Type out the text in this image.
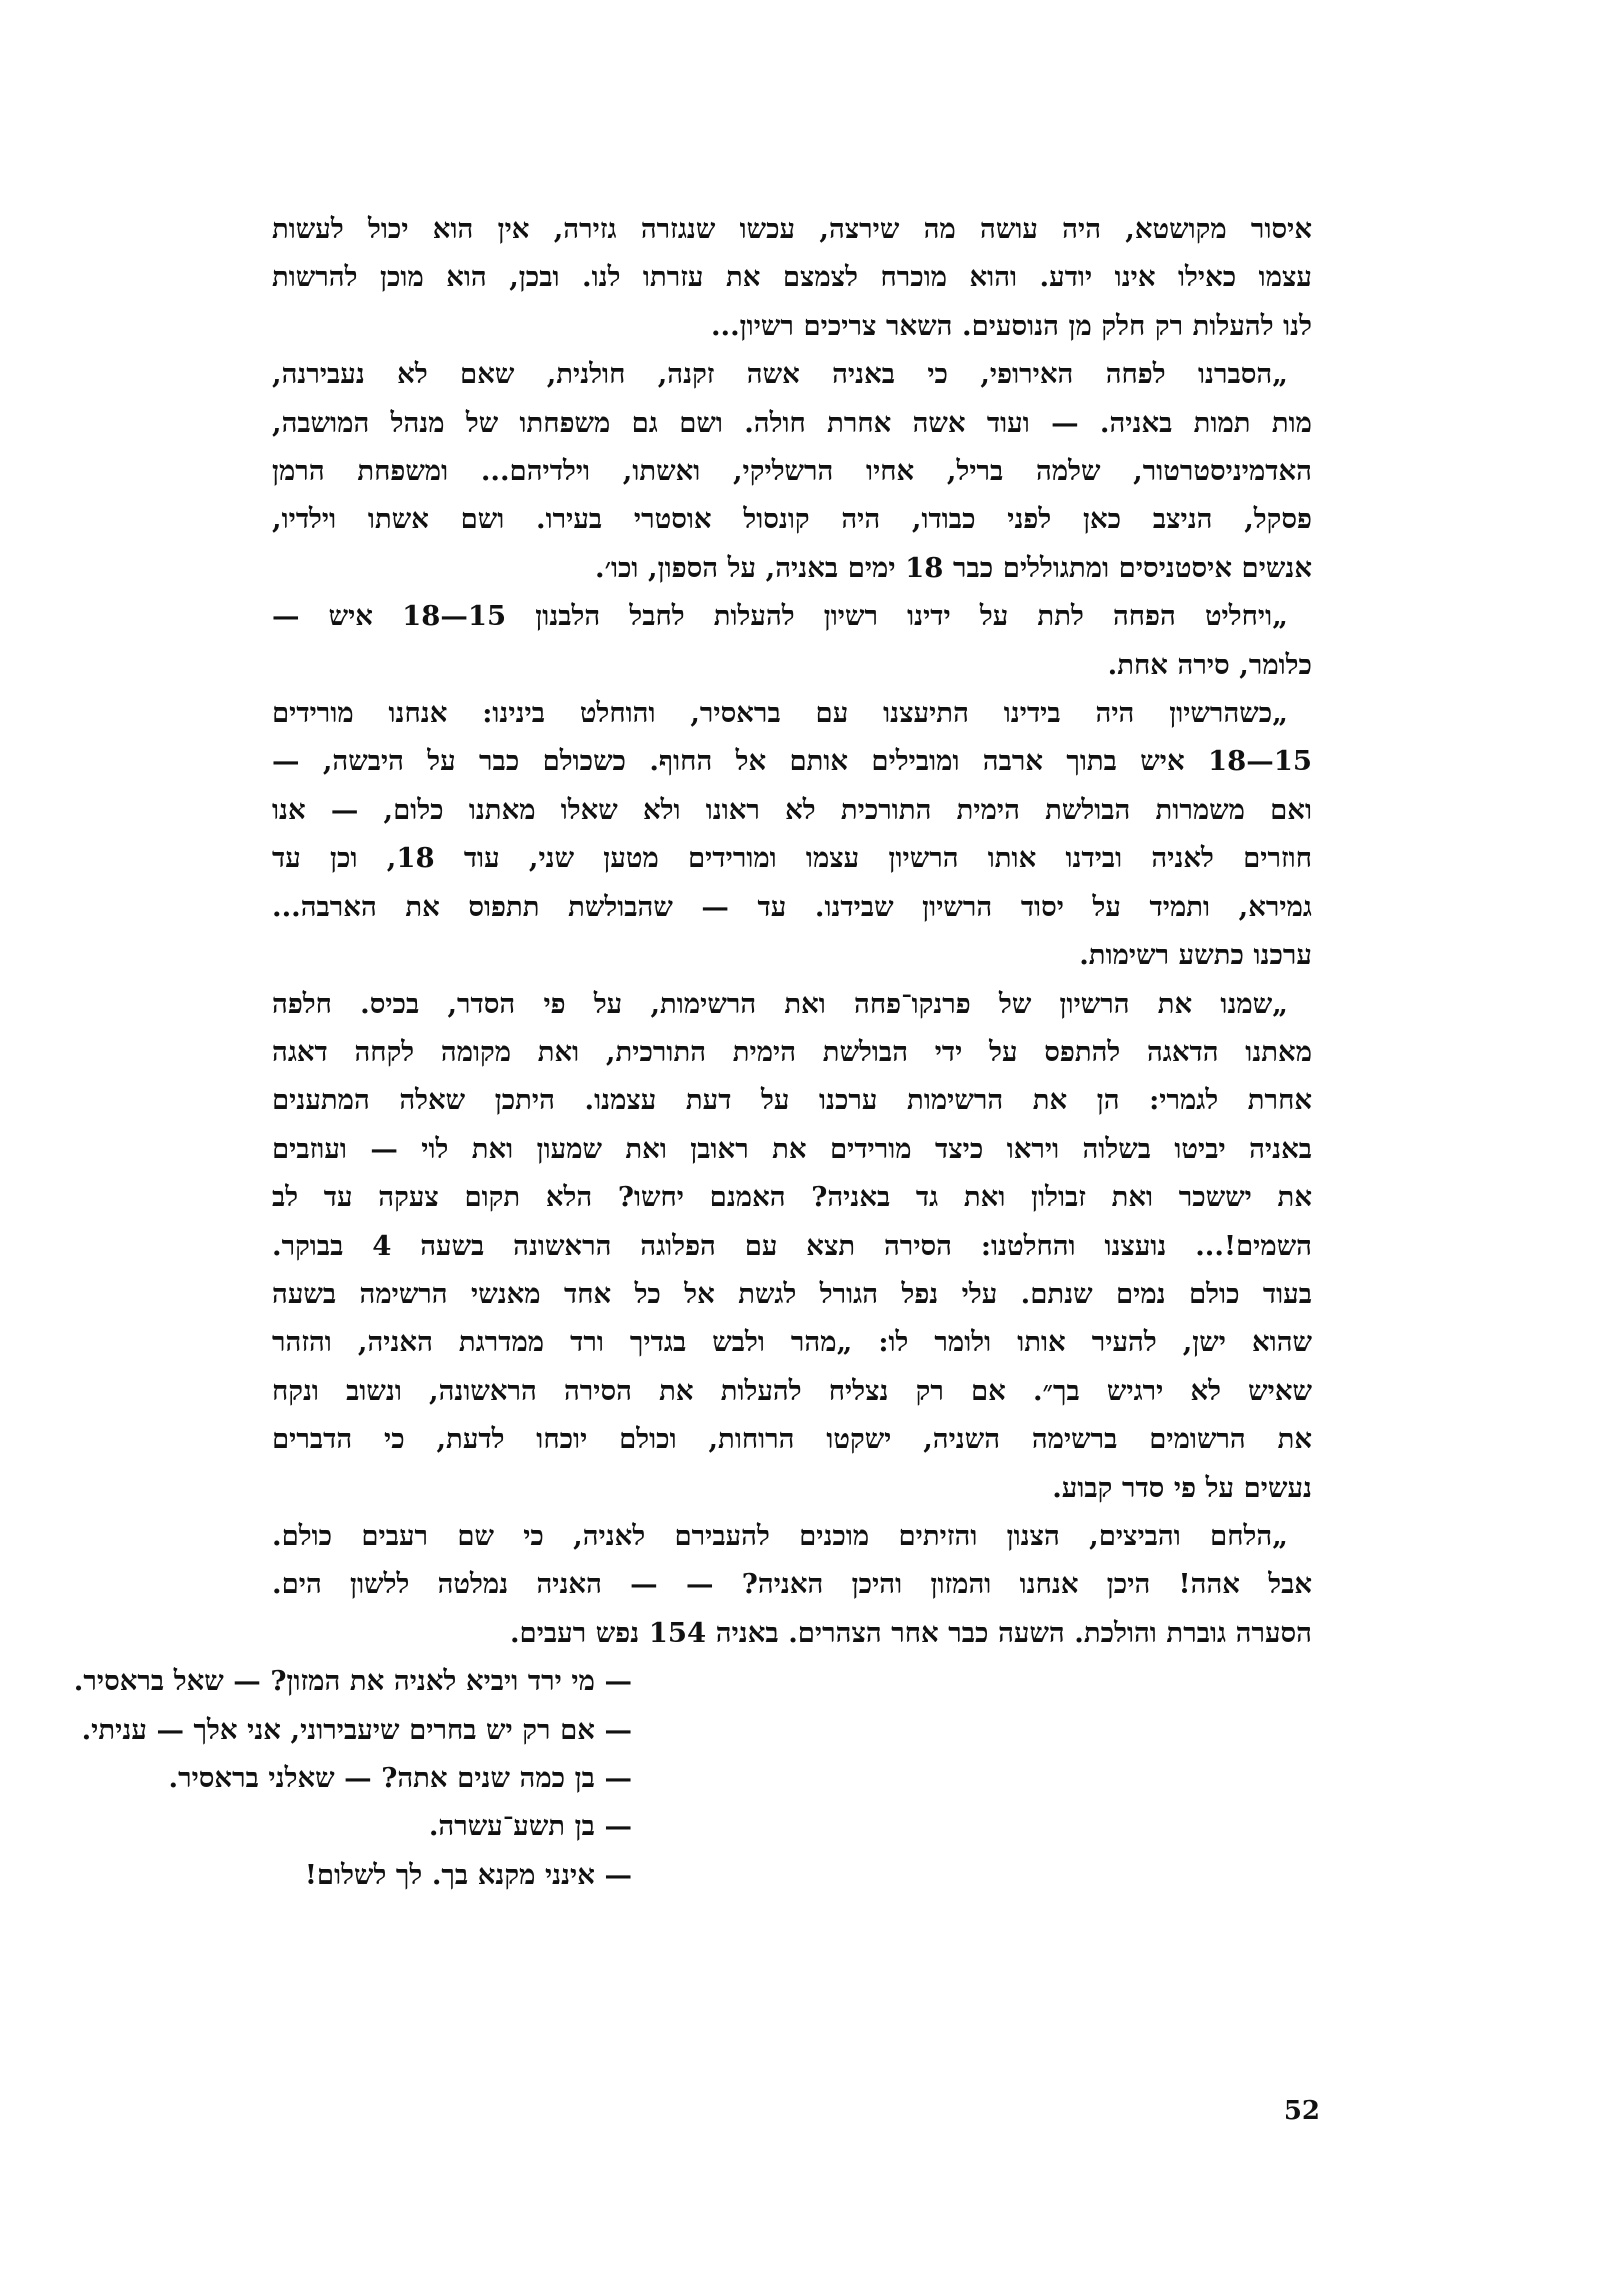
איסור מקושטא, היה עושה מה שירצה, עכשו שנגזרה גזירה, אין הוא יכול לעשות
עצמו כאילו אינו יודע. והוא מוכרח לצמצם את עזרתו לנו. ובכן, הוא מוכן להרשות
לנו להעלות רק חלק מן הנוסעים. השאר צריכים רשיון...
„הסברנו לפחה האירופי, כי באניה אשה זקנה, חולנית, שאם לא נעבירנה,
מות תמות באניה. — ועוד אשה אחרת חולה. ושם גם משפחתו של מנהל המושבה,
האדמיניסטרטור, שלמה בריל, אחיו הרשליקי, ואשתו, וילדיהם... ומשפחת הרמן
פסקל, הניצב כאן לפני כבודו, היה קונסול אוסטרי בעירו. ושם אשתו וילדיו,
אנשים איסטניסים ומתגוללים כבר 18 ימים באניה, על הספון, וכו׳.
„ויחליט הפחה לתת על ידינו רשיון להעלות לחבל הלבנון 15—18 איש —
כלומר, סירה אחת.
„כשהרשיון היה בידינו התיעצנו עם בראסיר, והוחלט בינינו: אנחנו מורידים
15—18 איש בתוך ארבה ומובילים אותם אל החוף. כשכולם כבר על היבשה, —
ואם משמרות הבולשת הימית התורכית לא ראונו ולא שאלו מאתנו כלום, — אנו
חוזרים לאניה ובידנו אותו הרשיון עצמו ומורידים מטען שני, עוד 18, וכן עד
גמירא, ותמיד על יסוד הרשיון שבידנו. עד — שהבולשת תתפוס את הארבה...
ערכנו כתשע רשימות.
„שמנו את הרשיון של פרנקו־פחה ואת הרשימות, על פי הסדר, בכיס. חלפה
מאתנו הדאגה להתפס על ידי הבולשת הימית התורכית, ואת מקומה לקחה דאגה
אחרת לגמרי: הן את הרשימות ערכנו על דעת עצמנו. היתכן שאלה המתענים
באניה יביטו בשלוה ויראו כיצד מורידים את ראובן ואת שמעון ואת לוי — ועוזבים
את יששכר ואת זבולון ואת גד באניה? האמנם יחשו? הלא תקום צעקה עד לב
השמים!... נועצנו והחלטנו: הסירה תצא עם הפלוגה הראשונה בשעה 4 בבוקר.
בעוד כולם נמים שנתם. עלי נפל הגורל לגשת אל כל אחד מאנשי הרשימה בשעה
שהוא ישן, להעיר אותו ולומר לו: „מהר ולבש בגדיך ורד ממדרגת האניה, והזהר
שאיש לא ירגיש בך״. אם רק נצליח להעלות את הסירה הראשונה, ונשוב ונקח
את הרשומים ברשימה השניה, ישקטו הרוחות, וכולם יוכחו לדעת, כי הדברים
נעשים על פי סדר קבוע.
„הלחם והביצים, הצנון והזיתים מוכנים להעבירם לאניה, כי שם רעבים כולם.
אבל אהה! היכן אנחנו והמזון והיכן האניה? — — האניה נמלטה ללשון הים.
הסערה גוברת והולכת. השעה כבר אחר הצהרים. באניה 154 נפש רעבים.
— מי ירד ויביא לאניה את המזון? — שאל בראסיר.
— אם רק יש בחרים שיעבירוני, אני אלך — עניתי.
— בן כמה שנים אתה? — שאלני בראסיר.
— בן תשע־עשרה.
— אינני מקנא בך. לך לשלום!
52
